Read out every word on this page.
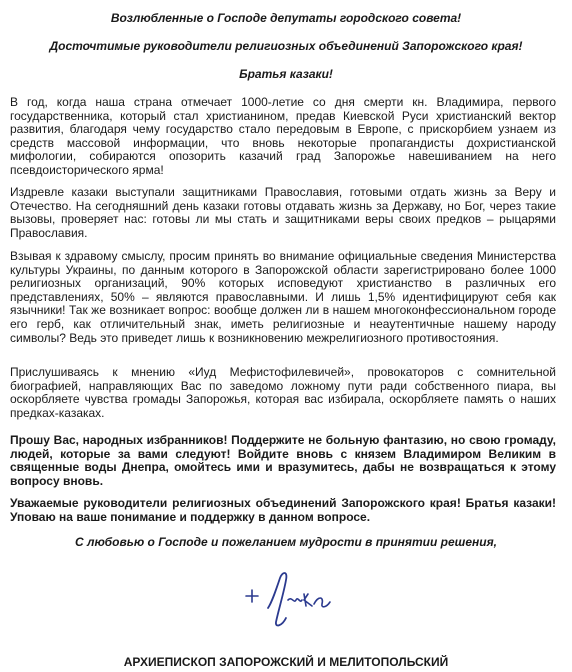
Возлюбленные о Господе депутаты городского совета!

Досточтимые руководители религиозных объединений Запорожского края!

Братья казаки!

В год, когда наша страна отмечает 1000-летие со дня смерти кн. Владимира, первого государственника, который стал христианином, предав Киевской Руси христианский вектор развития, благодаря чему государство стало передовым в Европе, с прискорбием узнаем из средств массовой информации, что вновь некоторые пропагандисты дохристианской мифологии, собираются опозорить казачий град Запорожье навешиванием на него псевдоисторического ярма!

Издревле казаки выступали защитниками Православия, готовыми отдать жизнь за Веру и Отечество. На сегодняшний день казаки готовы отдавать жизнь за Державу, но Бог, через такие вызовы, проверяет нас: готовы ли мы стать и защитниками веры своих предков – рыцарями Православия.

Взывая к здравому смыслу, просим принять во внимание официальные сведения Министерства культуры Украины, по данным которого в Запорожской области зарегистрировано более 1000 религиозных организаций, 90% которых исповедуют христианство в различных его представлениях, 50% – являются православными. И лишь 1,5% идентифицируют себя как язычники! Так же возникает вопрос: вообще должен ли в нашем многоконфессиональном городе его герб, как отличительный знак, иметь религиозные и неаутентичные нашему народу символы? Ведь это приведет лишь к возникновению межрелигиозного противостояния.

Прислушиваясь к мнению «Иуд Мефистофилевичей», провокаторов с сомнительной биографией, направляющих Вас по заведомо ложному пути ради собственного пиара, вы оскорбляете чувства громады Запорожья, которая вас избирала, оскорбляете память о наших предках-казаках.

Прошу Вас, народных избранников! Поддержите не больную фантазию, но свою громаду, людей, которые за вами следуют! Войдите вновь с князем Владимиром Великим в священные воды Днепра, омойтесь ими и вразумитесь, дабы не возвращаться к этому вопросу вновь.

Уважаемые руководители религиозных объединений Запорожского края! Братья казаки! Уповаю на ваше понимание и поддержку в данном вопросе.

С любовью о Господе и пожеланием мудрости в принятии решения,

АРХИЕПИСКОП ЗАПОРОЖСКИЙ И МЕЛИТОПОЛЬСКИЙ
